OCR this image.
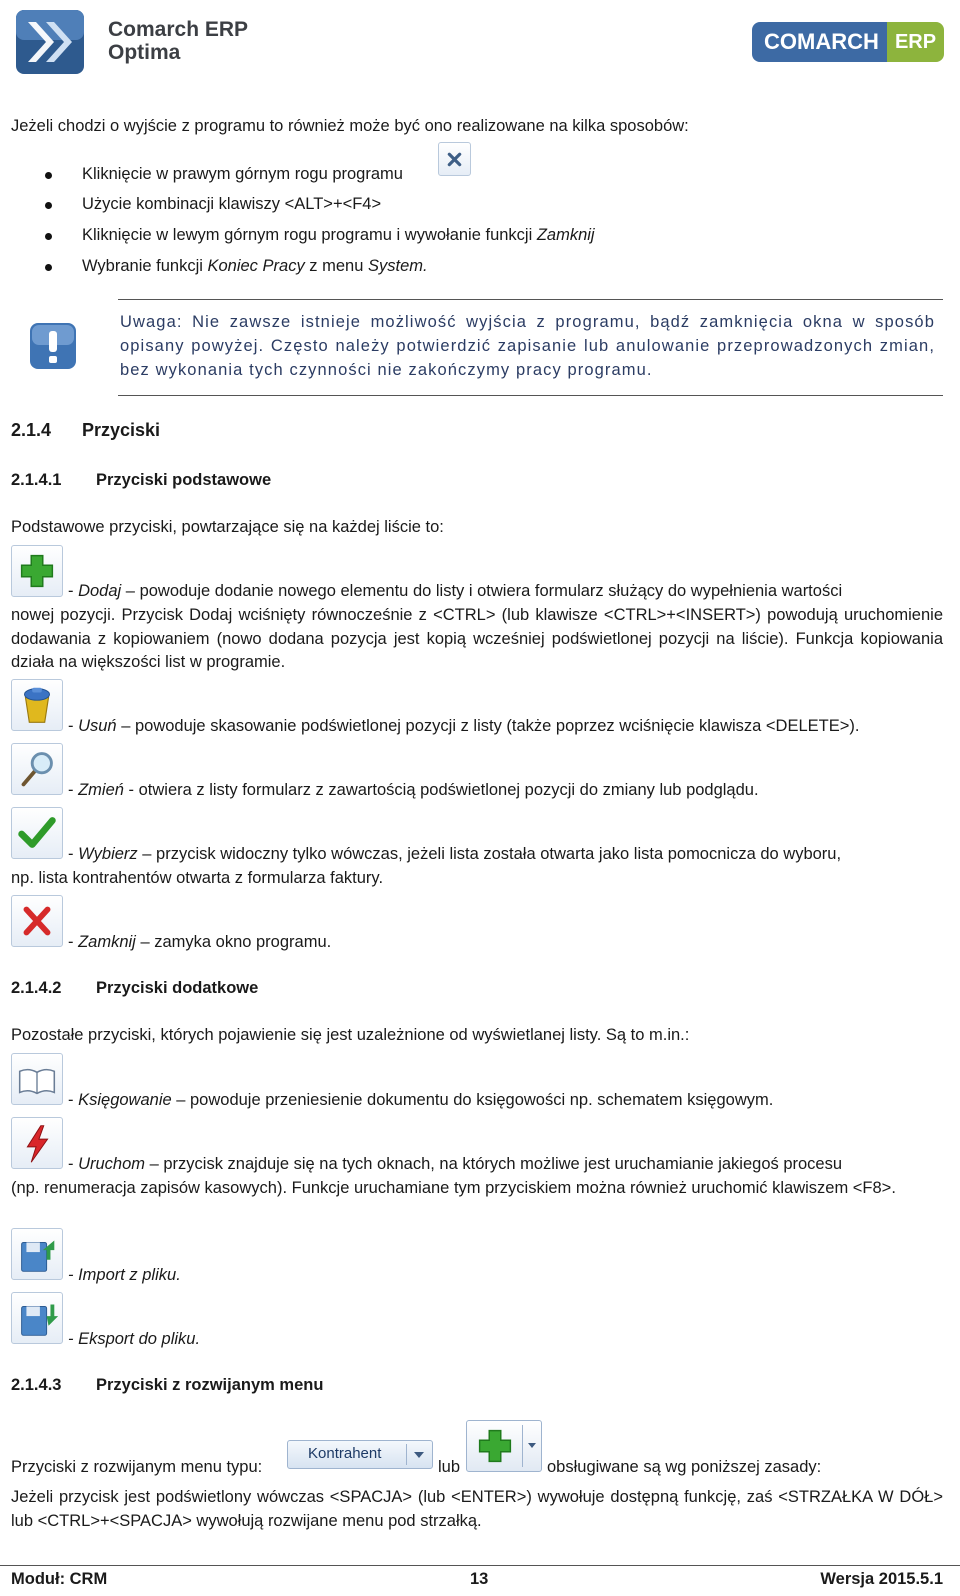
Comarch ERP
Optima	COMARCH ERP
Jeżeli chodzi o wyjście z programu to również może być ono realizowane na kilka sposobów:
Kliknięcie w prawym górnym rogu programu
Użycie kombinacji klawiszy <ALT>+<F4>
Kliknięcie w lewym górnym rogu programu i wywołanie funkcji Zamknij
Wybranie funkcji Koniec Pracy z menu System.
Uwaga: Nie zawsze istnieje możliwość wyjścia z programu, bądź zamknięcia okna w sposób opisany powyżej. Często należy potwierdzić zapisanie lub anulowanie przeprowadzonych zmian, bez wykonania tych czynności nie zakończymy pracy programu.
2.1.4 Przyciski
2.1.4.1 Przyciski podstawowe
Podstawowe przyciski, powtarzające się na każdej liście to:
- Dodaj – powoduje dodanie nowego elementu do listy i otwiera formularz służący do wypełnienia wartości
nowej pozycji. Przycisk Dodaj wciśnięty równocześnie z <CTRL> (lub klawisze <CTRL>+<INSERT>) powodują uruchomienie dodawania z kopiowaniem (nowo dodana pozycja jest kopią wcześniej podświetlonej pozycji na liście). Funkcja kopiowania działa na większości list w programie.
- Usuń – powoduje skasowanie podświetlonej pozycji z listy (także poprzez wciśnięcie klawisza <DELETE>).
- Zmień - otwiera z listy formularz z zawartością podświetlonej pozycji do zmiany lub podglądu.
- Wybierz – przycisk widoczny tylko wówczas, jeżeli lista została otwarta jako lista pomocnicza do wyboru,
np. lista kontrahentów otwarta z formularza faktury.
- Zamknij – zamyka okno programu.
2.1.4.2 Przyciski dodatkowe
Pozostałe przyciski, których pojawienie się jest uzależnione od wyświetlanej listy. Są to m.in.:
- Księgowanie – powoduje przeniesienie dokumentu do księgowości np. schematem księgowym.
- Uruchom – przycisk znajduje się na tych oknach, na których możliwe jest uruchamianie jakiegoś procesu
(np. renumeracja zapisów kasowych). Funkcje uruchamiane tym przyciskiem można również uruchomić klawiszem <F8>.
- Import z pliku.
- Eksport do pliku.
2.1.4.3 Przyciski z rozwijanym menu
Przyciski z rozwijanym menu typu:
Kontrahent
lub	obsługiwane są wg poniższej zasady:
Jeżeli przycisk jest podświetlony wówczas <SPACJA> (lub <ENTER>) wywołuje dostępną funkcję, zaś <STRZAŁKA W DÓŁ> lub <CTRL>+<SPACJA> wywołują rozwijane menu pod strzałką.
Moduł: CRM	13	Wersja 2015.5.1
